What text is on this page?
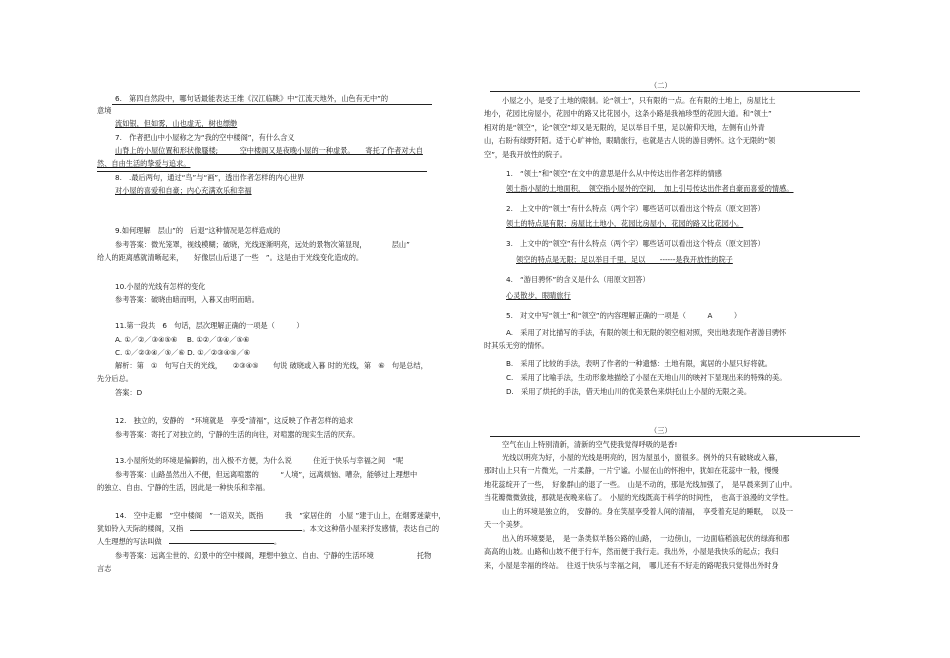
6.　第四自然段中，哪句话最能表达王维《汉江临眺》中“江流天地外，山色有无中”的
意境
流如银，但如雾，山也虚无，树也缥缈
7.　作者把山中小屋称之为“我的空中楼阁”，有什么含义
山脊上的小屋位置和形状像蜃楼;　　　空中楼阁又是夜晚小屋的一种虚景。　　寄托了作者对大自
然、自由生活的挚爱与追求。
8.　.最后两句，通过“鸟”与“画”，透出作者怎样的内心世界
对小屋的喜爱和自豪；内心充满欢乐和幸福
9.如何理解　层山”的　后退“这种情况是怎样造成的
参考答案：微光笼罩，视线模糊；破晓，光线逐渐明亮，远处的景物次第显现，　　　　层山”
给人的距离感就清晰起来，　　好像层山后退了一些　”。这是由于光线变化造成的。
10.小屋的光线有怎样的变化
参考答案：破晓由暗而明，入暮又由明而暗。
11.第一段共　6　句话，层次理解正确的一项是（　　　）
A. ①／②／③④⑤⑥　 B. ①②／③④／⑤⑥
C. ①／②③④／⑤／⑥ D. ①／②③④⑤／⑥
解析：第　①　句写白天的光线，　　②③④⑤　　句说 破晓或入暮 时的光线，第　⑥　句是总结，
先分后总。
答案：D
12.　独立的，安静的　“环境就是　享受”清福”，这反映了作者怎样的追求
参考答案：寄托了对独立的，宁静的生活的向往，对喧嚣的现实生活的厌弃。
13.小屋所处的环境是偏僻的，出入极不方便，为什么说　　　住近于快乐与幸福之间　“呢
参考答案：山路虽然出入不便，但远离喧嚣的　　　“人境”，远离烦恼、嘈杂，能够过上理想中
的独立、自由、宁静的生活，因此是一种快乐和幸福。
14.　空中走廊　”空中楼阁　”一语双关，既指　　　我　”家居住的　小屋 ”建于山上，在烟雾迷蒙中，
犹如铃入天际的楼阁，又指　	。本文这种借小屋来抒发感情，表达自己的
人生理想的写法叫做　	。
参考答案：远离尘世的、幻景中的空中楼阁，理想中独立、自由、宁静的生活环境　　　　　　托物
言志
（二）
小屋之小，是受了土地的限制。论“领土”，只有限的一点。在有限的土地上，房屋比土
地小，花园比房屋小，花园中的路又比花园小，这条小路是我袖珍型的花园大道。和“领土”
相对的是“领空”，论“领空”却又是无限的，足以举目千里，足以俯仰天地，左侧有山外青
山，右盼有绿野阡陌。适于心旷神怡，眼睛旅行，也就是古人说的游目骋怀。这个无限的“领
空”，是我开放性的院子。
1.　“领土”和“领空”在文中的意思是什么从中传达出作者怎样的情感
领土指小屋的土地面积，　领空指小屋外的空间，　加上引号传达出作者自豪而喜爱的情感。
2.　上文中的“领土”有什么特点（两个字）哪些话可以看出这个特点（原文回答）
领土的特点是有限；房屋比土地小，花园比房屋小，花园的路又比花园小。
3.　上文中的“领空”有什么特点（两个字）哪些话可以看出这个特点（原文回答）
领空的特点是无限；足以举目千里，足以　　------是我开放性的院子
4.　“游目骋怀”的含义是什么（用原文回答）
心灵散步，眼睛旅行
5.　对文中写“领土”和“领空”的内容理解正确的一项是（　　　A　　　）
A.　采用了对比描写的手法，有限的领土和无限的领空相对照，突出地表现作者游目骋怀
时其乐无穷的情怀。
B.　采用了比较的手法，表明了作者的一种遗憾：土地有限，寓居的小屋只好将就。
C.　采用了比喻手法，生动形象地描绘了小屋在天地山川的映衬下显现出来的特殊的美。
D.　采用了烘托的手法，借天地山川的优美景色来烘托山上小屋的无限之美。
（三）
空气在山上特别清新，清新的空气使我觉得呼吸的是香!
光线以明亮为好，小屋的光线是明亮的，因为屋虽小，窗很多。例外的只有破晓或入暮，
那时山上只有一片微光，一片柔静，一片宁谧。小屋在山的怀抱中，犹如在花蕊中一般，慢慢
地花蕊绽开了一些，　好象群山的退了一些。　山是不动的，那是光线加强了，　是早晨来到了山中。
当花瓣微微敛拢，那就是夜晚来临了。　小屋的光线既高于科学的时间性，　也高于浪漫的文学性。
山上的环境是独立的，　安静的。身在笑屋享受着人间的清福，　享受着充足的睡眠，　以及一
天一个美梦。
出入的环境要是，　是一条类似羊肠公路的山路，　一边傍山，一边面临稻浪起伏的绿海和那
高高的山坡。山路和山坡不便于行车，然而便于我行走。我出外，小屋是我快乐的起点；我归
来，小屋是幸福的终站。　往返于快乐与幸福之间，　哪儿还有不好走的路呢我只觉得出外时身
